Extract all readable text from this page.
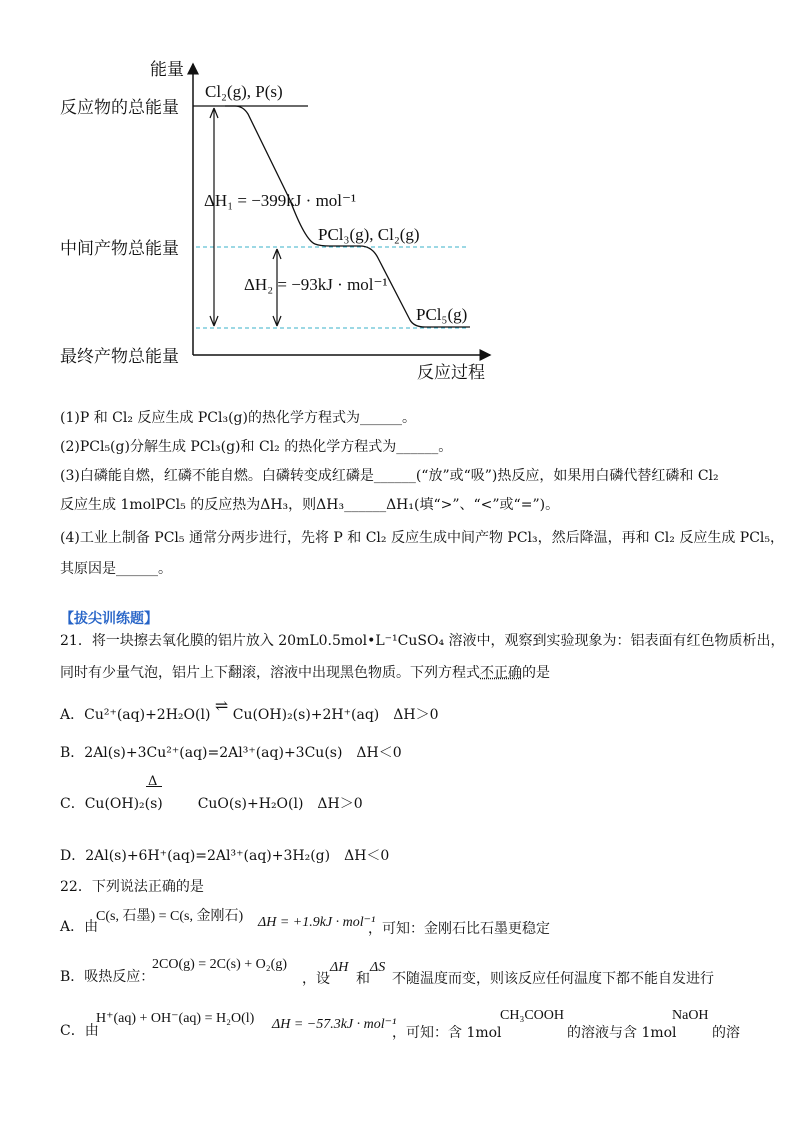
能量
反应过程
反应物的总能量
中间产物总能量
最终产物总能量
Cl₂(g), P(s)
PCl₃(g), Cl₂(g)
PCl₅(g)
ΔH₁ = −399kJ · mol⁻¹
ΔH₂ = −93kJ · mol⁻¹
(1)P 和 Cl₂ 反应生成 PCl₃(g)的热化学方程式为______。
(2)PCl₅(g)分解生成 PCl₃(g)和 Cl₂ 的热化学方程式为______。
(3)白磷能自燃，红磷不能自燃。白磷转变成红磷是______(“放”或“吸”)热反应，如果用白磷代替红磷和 Cl₂
反应生成 1molPCl₅ 的反应热为ΔH₃，则ΔH₃______ΔH₁(填“>”、“<”或“=”)。
(4)工业上制备 PCl₅ 通常分两步进行，先将 P 和 Cl₂ 反应生成中间产物 PCl₃，然后降温，再和 Cl₂ 反应生成 PCl₅，
其原因是______。
【拔尖训练题】
21．将一块擦去氧化膜的铝片放入 20mL0.5mol•L⁻¹CuSO₄ 溶液中，观察到实验现象为：铝表面有红色物质析出，
同时有少量气泡，铝片上下翻滚，溶液中出现黑色物质。下列方程式不正确的是
A．Cu²⁺(aq)+2H₂O(l) ⇌ Cu(OH)₂(s)+2H⁺(aq)　ΔH＞0
B．2Al(s)+3Cu²⁺(aq)=2Al³⁺(aq)+3Cu(s)　ΔH＜0
Δ
C．Cu(OH)₂(s) CuO(s)+H₂O(l)　ΔH＞0
D．2Al(s)+6H⁺(aq)=2Al³⁺(aq)+3H₂(g)　ΔH＜0
22．下列说法正确的是
A．由
C(s, 石墨) = C(s, 金刚石) ΔH = +1.9kJ · mol⁻¹
，可知：金刚石比石墨更稳定
B．吸热反应：
2CO(g) = 2C(s) + O₂(g)
，设
ΔH
和
ΔS
不随温度而变，则该反应任何温度下都不能自发进行
C．由
H⁺(aq) + OH⁻(aq) = H₂O(l) ΔH = −57.3kJ · mol⁻¹
，可知：含 1mol
CH₃COOH
的溶液与含 1mol
NaOH
的溶
